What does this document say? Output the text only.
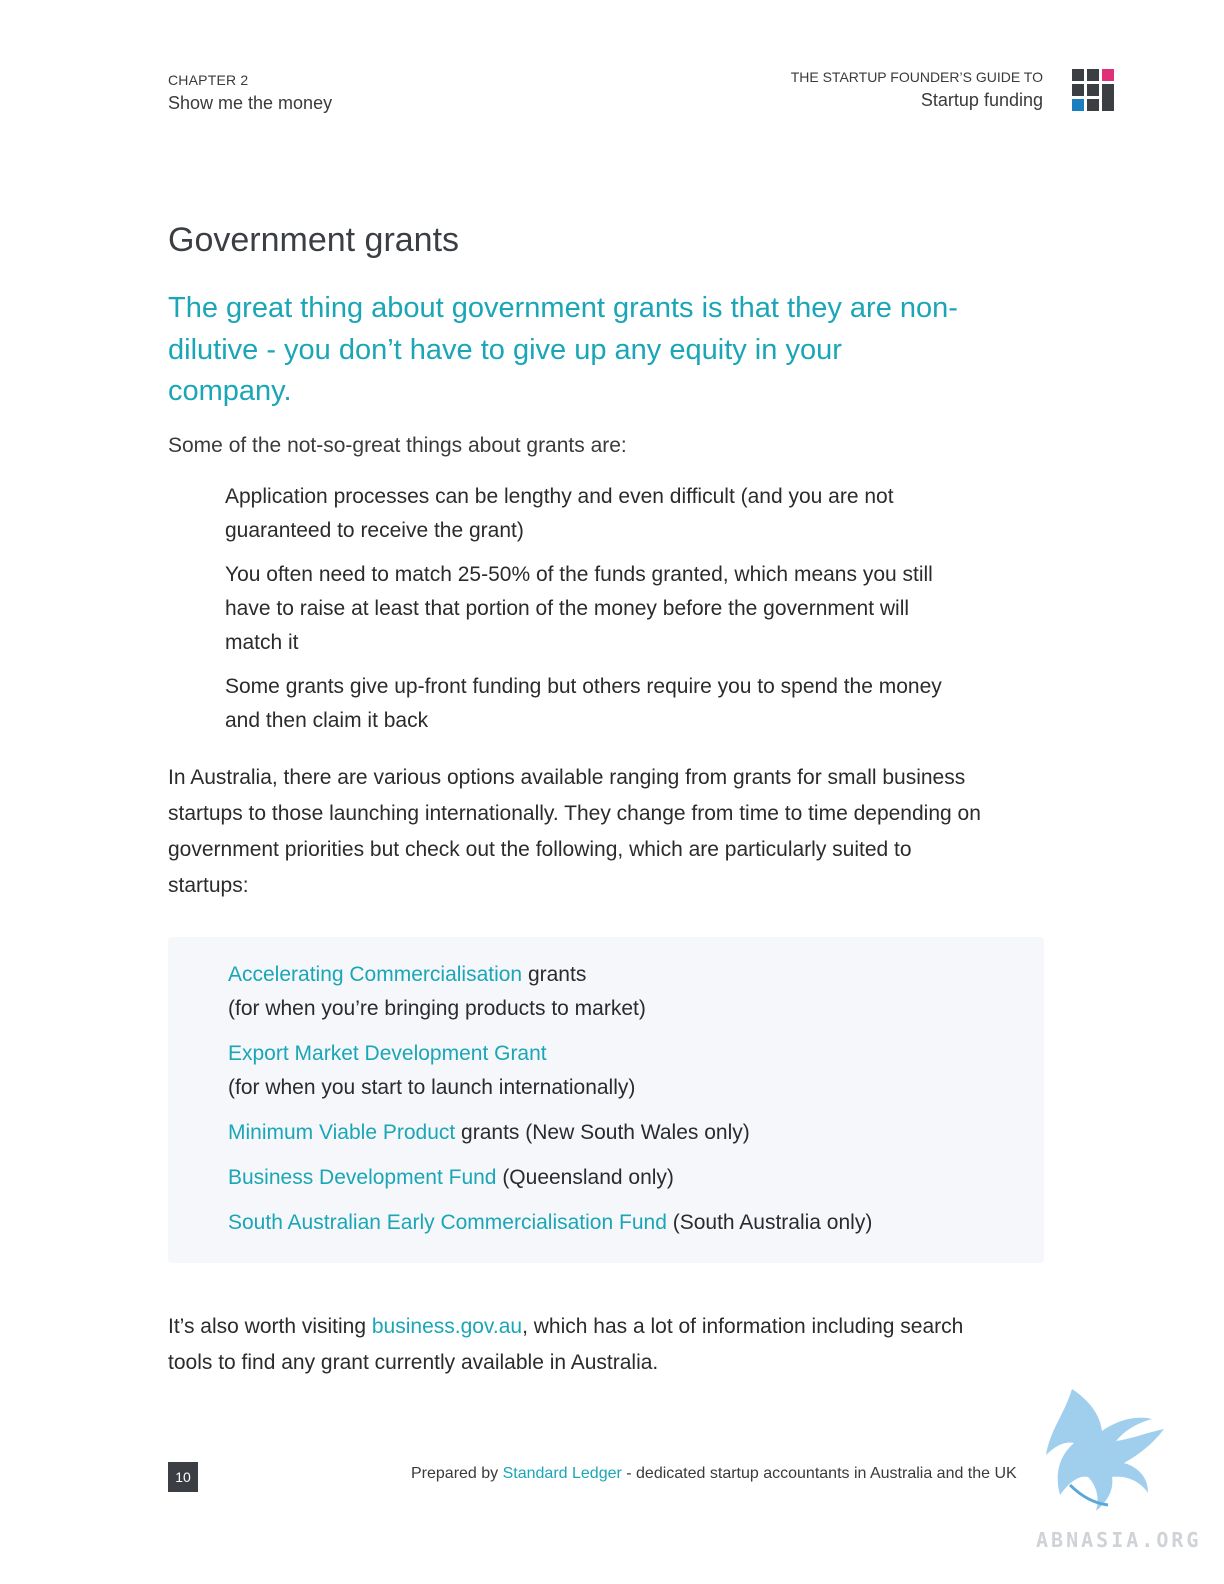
CHAPTER 2
Show me the money
THE STARTUP FOUNDER’S GUIDE TO
Startup funding
Government grants

The great thing about government grants is that they are non-dilutive - you don’t have to give up any equity in your company.

Some of the not-so-great things about grants are:

Application processes can be lengthy and even difficult (and you are not guaranteed to receive the grant)
You often need to match 25-50% of the funds granted, which means you still have to raise at least that portion of the money before the government will match it
Some grants give up-front funding but others require you to spend the money and then claim it back

In Australia, there are various options available ranging from grants for small business startups to those launching internationally. They change from time to time depending on government priorities but check out the following, which are particularly suited to startups:

Accelerating Commercialisation grants
(for when you’re bringing products to market)
Export Market Development Grant
(for when you start to launch internationally)
Minimum Viable Product grants (New South Wales only)
Business Development Fund (Queensland only)
South Australian Early Commercialisation Fund (South Australia only)

It’s also worth visiting business.gov.au, which has a lot of information including search tools to find any grant currently available in Australia.

10	Prepared by Standard Ledger - dedicated startup accountants in Australia and the UK
ABNASIA.ORG
